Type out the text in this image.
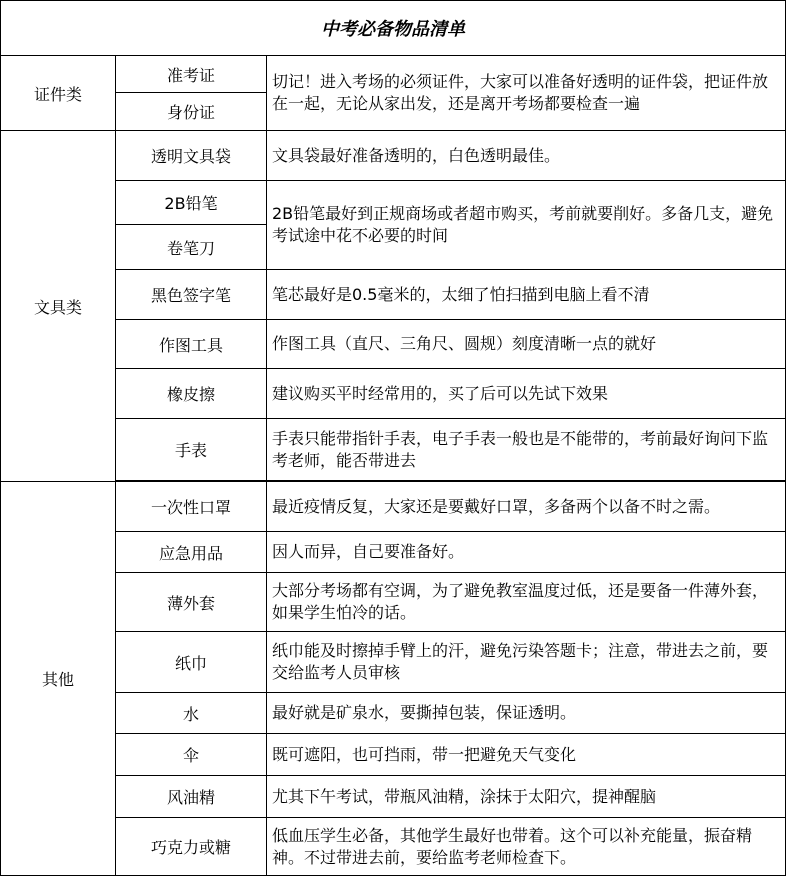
中考必备物品清单		
证件类	准考证	切记！进入考场的必须证件，大家可以准备好透明的证件袋，把证件放在一起，无论从家出发，还是离开考场都要检查一遍
	身份证	
文具类	透明文具袋	文具袋最好准备透明的，白色透明最佳。
	2B铅笔	2B铅笔最好到正规商场或者超市购买，考前就要削好。多备几支，避免考试途中花不必要的时间
	卷笔刀	
	黑色签字笔	笔芯最好是0.5毫米的，太细了怕扫描到电脑上看不清
	作图工具	作图工具（直尺、三角尺、圆规）刻度清晰一点的就好
	橡皮擦	建议购买平时经常用的，买了后可以先试下效果
	手表	手表只能带指针手表，电子手表一般也是不能带的，考前最好询问下监考老师，能否带进去

其他	一次性口罩	最近疫情反复，大家还是要戴好口罩，多备两个以备不时之需。
	应急用品	因人而异，自己要准备好。
	薄外套	大部分考场都有空调，为了避免教室温度过低，还是要备一件薄外套，如果学生怕冷的话。
	纸巾	纸巾能及时擦掉手臂上的汗，避免污染答题卡；注意，带进去之前，要交给监考人员审核
	水	最好就是矿泉水，要撕掉包装，保证透明。
	伞	既可遮阳，也可挡雨，带一把避免天气变化
	风油精	尤其下午考试，带瓶风油精，涂抹于太阳穴，提神醒脑
	巧克力或糖	低血压学生必备，其他学生最好也带着。这个可以补充能量，振奋精神。不过带进去前，要给监考老师检查下。
